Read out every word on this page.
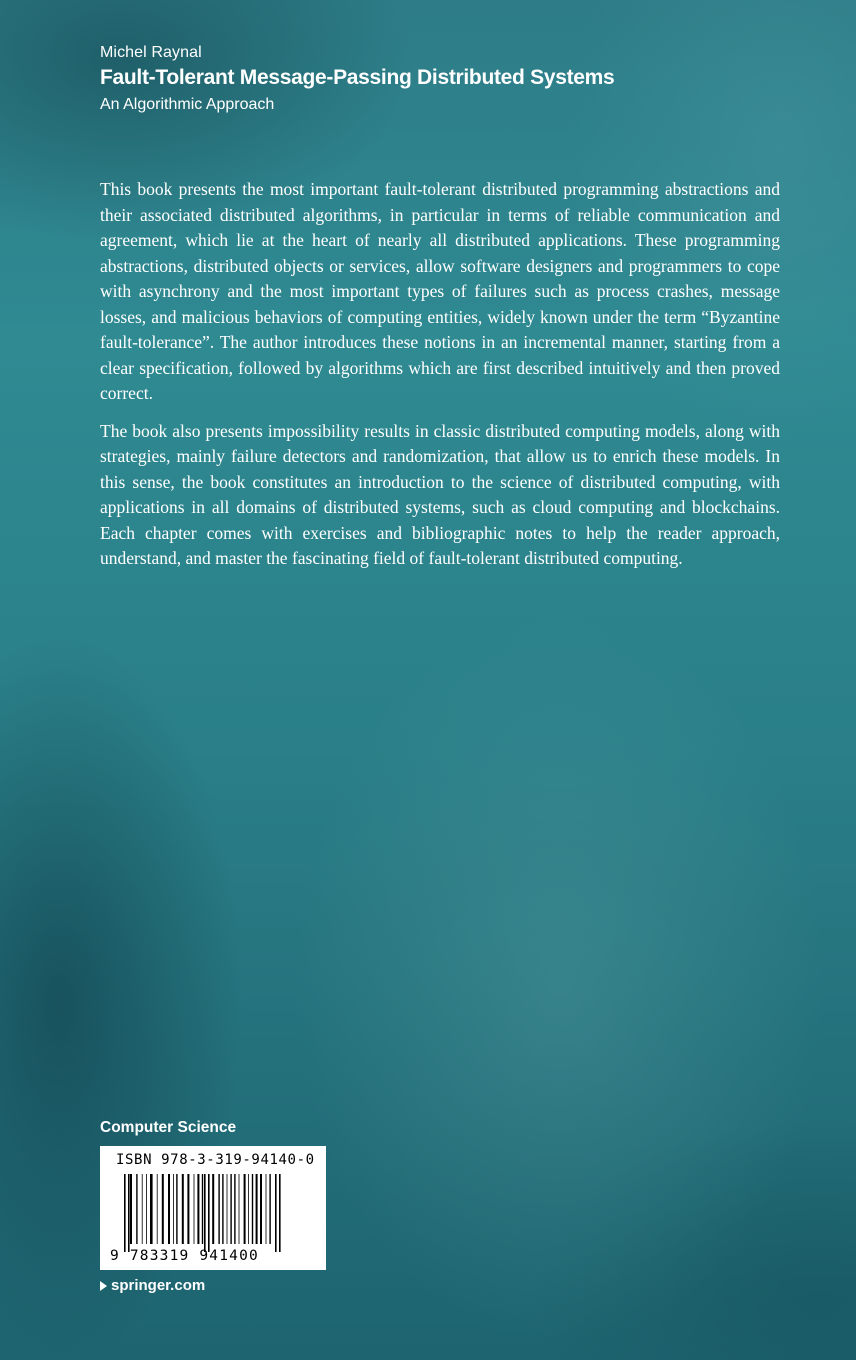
Michel Raynal
Fault-Tolerant Message-Passing Distributed Systems
An Algorithmic Approach

This book presents the most important fault-tolerant distributed programming abstractions and their associated distributed algorithms, in particular in terms of reliable communication and agreement, which lie at the heart of nearly all distributed applications. These programming abstractions, distributed objects or services, allow software designers and programmers to cope with asynchrony and the most important types of failures such as process crashes, message losses, and malicious behaviors of computing entities, widely known under the term “Byzantine fault-tolerance”. The author introduces these notions in an incremental manner, starting from a clear specification, followed by algorithms which are first described intuitively and then proved correct.

The book also presents impossibility results in classic distributed computing models, along with strategies, mainly failure detectors and randomization, that allow us to enrich these models. In this sense, the book constitutes an introduction to the science of distributed computing, with applications in all domains of distributed systems, such as cloud computing and blockchains. Each chapter comes with exercises and bibliographic notes to help the reader approach, understand, and master the fascinating field of fault-tolerant distributed computing.

Computer Science
ISBN 978-3-319-94140-0
9 783319 941400
springer.com
